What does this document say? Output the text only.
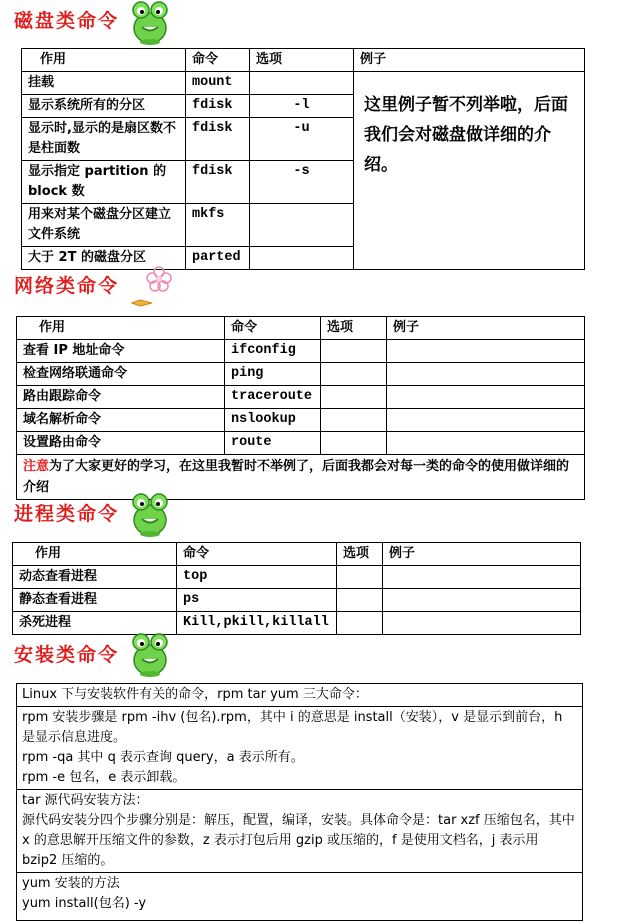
磁盘类命令
作用	命令	选项	例子
挂载	mount		这里例子暂不列举啦，后面我们会对磁盘做详细的介绍。
显示系统所有的分区	fdisk	-l	
显示时,显示的是扇区数不是柱面数	fdisk	-u	
显示指定 partition 的 block 数	fdisk	-s	
用来对某个磁盘分区建立文件系统	mkfs		
大于 2T 的磁盘分区	parted		
网络类命令
作用	命令	选项	例子
查看 IP 地址命令	ifconfig		
检查网络联通命令	ping		
路由跟踪命令	traceroute		
域名解析命令	nslookup		
设置路由命令	route		
注意为了大家更好的学习，在这里我暂时不举例了，后面我都会对每一类的命令的使用做详细的介绍			
进程类命令
作用	命令	选项	例子
动态查看进程	top		
静态查看进程	ps		
杀死进程	Kill,pkill,killall		
安装类命令
Linux 下与安装软件有关的命令，rpm tar yum 三大命令：
rpm 安装步骤是 rpm -ihv (包名).rpm，其中 i 的意思是 install（安装），v 是显示到前台，h 是显示信息进度。
rpm -qa 其中 q 表示查询 query，a 表示所有。
rpm -e 包名，e 表示卸载。
tar 源代码安装方法：
源代码安装分四个步骤分别是：解压，配置，编译，安装。具体命令是：tar xzf 压缩包名，其中 x 的意思解开压缩文件的参数，z 表示打包后用 gzip 或压缩的，f 是使用文档名，j 表示用 bzip2 压缩的。
yum 安装的方法
yum install(包名) -y
